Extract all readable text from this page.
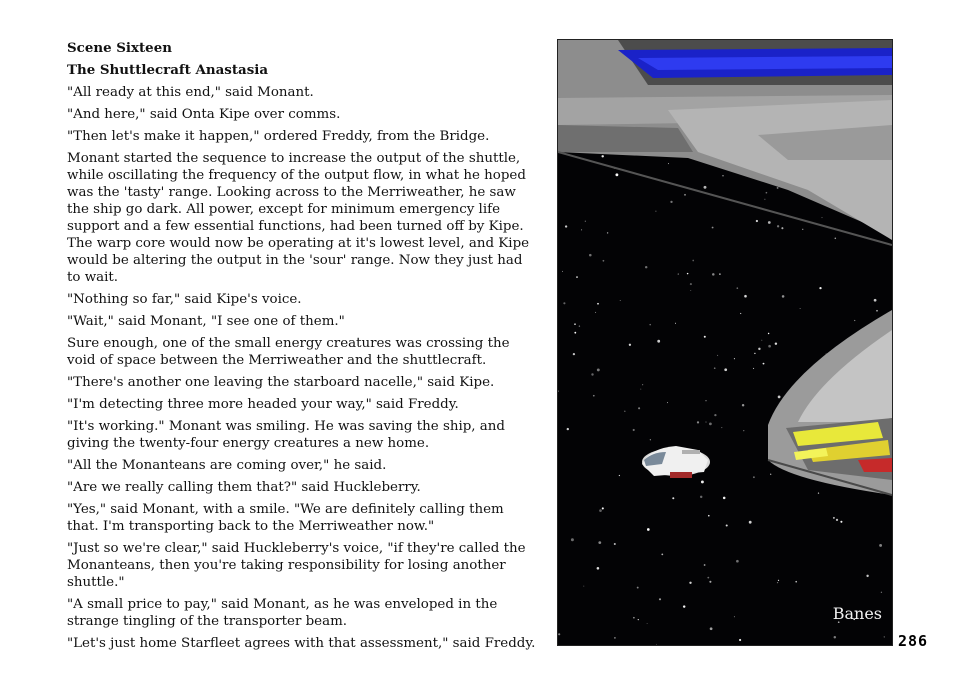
Scene Sixteen

The Shuttlecraft Anastasia

"All ready at this end," said Monant.

"And here," said Onta Kipe over comms.

"Then let's make it happen," ordered Freddy, from the Bridge.

Monant started the sequence to increase the output of the shuttle, while oscillating the frequency of the output flow, in what he hoped was the 'tasty' range. Looking across to the Merriweather, he saw the ship go dark. All power, except for minimum emergency life support and a few essential functions, had been turned off by Kipe. The warp core would now be operating at it's lowest level, and Kipe would be altering the output in the 'sour' range. Now they just had to wait.

"Nothing so far," said Kipe's voice.

"Wait," said Monant, "I see one of them."

Sure enough, one of the small energy creatures was crossing the void of space between the Merriweather and the shuttlecraft.

"There's another one leaving the starboard nacelle," said Kipe.

"I'm detecting three more headed your way," said Freddy.

"It's working." Monant was smiling. He was saving the ship, and giving the twenty-four energy creatures a new home.

"All the Monanteans are coming over," he said.

"Are we really calling them that?" said Huckleberry.

"Yes," said Monant, with a smile. "We are definitely calling them that. I'm transporting back to the Merriweather now."

"Just so we're clear," said Huckleberry's voice, "if they're called the Monanteans, then you're taking responsibility for losing another shuttle."

"A small price to pay," said Monant, as he was enveloped in the strange tingling of the transporter beam.

"Let's just home Starfleet agrees with that assessment," said Freddy.

Banes
286
